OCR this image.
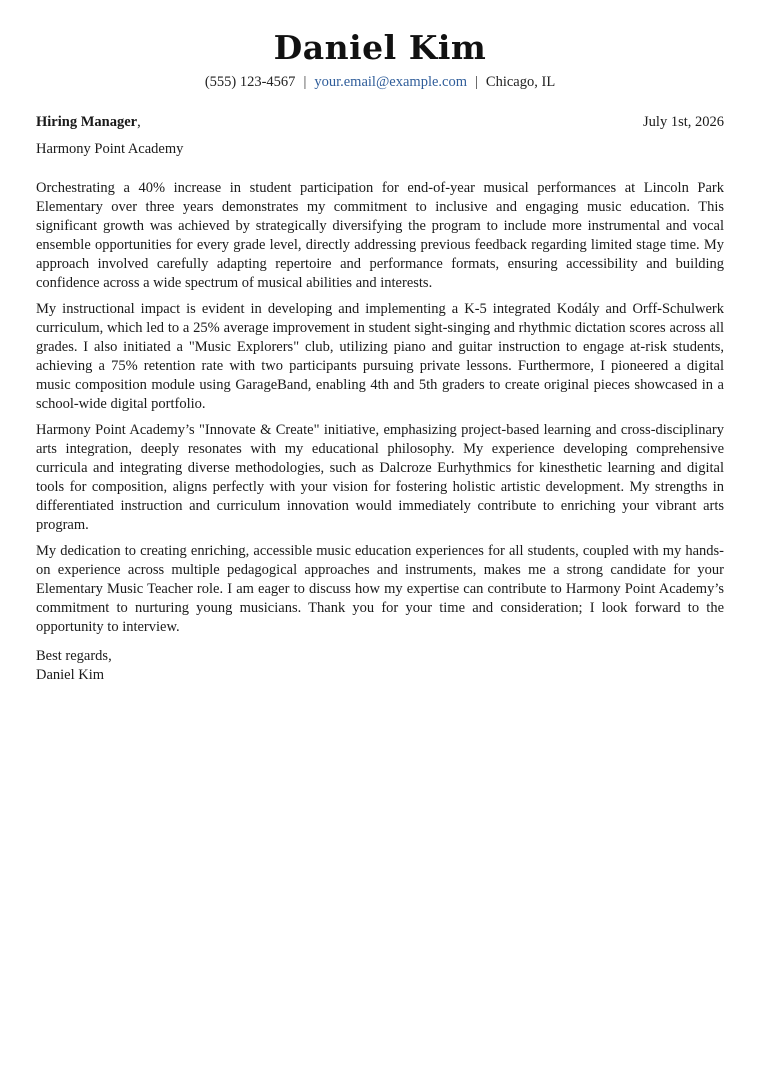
Daniel Kim
(555) 123-4567 | your.email@example.com | Chicago, IL
Hiring Manager,	July 1st, 2026
Harmony Point Academy

Orchestrating a 40% increase in student participation for end-of-year musical performances at Lincoln Park Elementary over three years demonstrates my commitment to inclusive and engaging music education. This significant growth was achieved by strategically diversifying the program to include more instrumental and vocal ensemble opportunities for every grade level, directly addressing previous feedback regarding limited stage time. My approach involved carefully adapting repertoire and performance formats, ensuring accessibility and building confidence across a wide spectrum of musical abilities and interests.

My instructional impact is evident in developing and implementing a K-5 integrated Kodály and Orff-Schulwerk curriculum, which led to a 25% average improvement in student sight-singing and rhythmic dictation scores across all grades. I also initiated a "Music Explorers" club, utilizing piano and guitar instruction to engage at-risk students, achieving a 75% retention rate with two participants pursuing private lessons. Furthermore, I pioneered a digital music composition module using GarageBand, enabling 4th and 5th graders to create original pieces showcased in a school-wide digital portfolio.

Harmony Point Academy’s "Innovate & Create" initiative, emphasizing project-based learning and cross-disciplinary arts integration, deeply resonates with my educational philosophy. My experience developing comprehensive curricula and integrating diverse methodologies, such as Dalcroze Eurhythmics for kinesthetic learning and digital tools for composition, aligns perfectly with your vision for fostering holistic artistic development. My strengths in differentiated instruction and curriculum innovation would immediately contribute to enriching your vibrant arts program.

My dedication to creating enriching, accessible music education experiences for all students, coupled with my hands-on experience across multiple pedagogical approaches and instruments, makes me a strong candidate for your Elementary Music Teacher role. I am eager to discuss how my expertise can contribute to Harmony Point Academy’s commitment to nurturing young musicians. Thank you for your time and consideration; I look forward to the opportunity to interview.

Best regards,
Daniel Kim
